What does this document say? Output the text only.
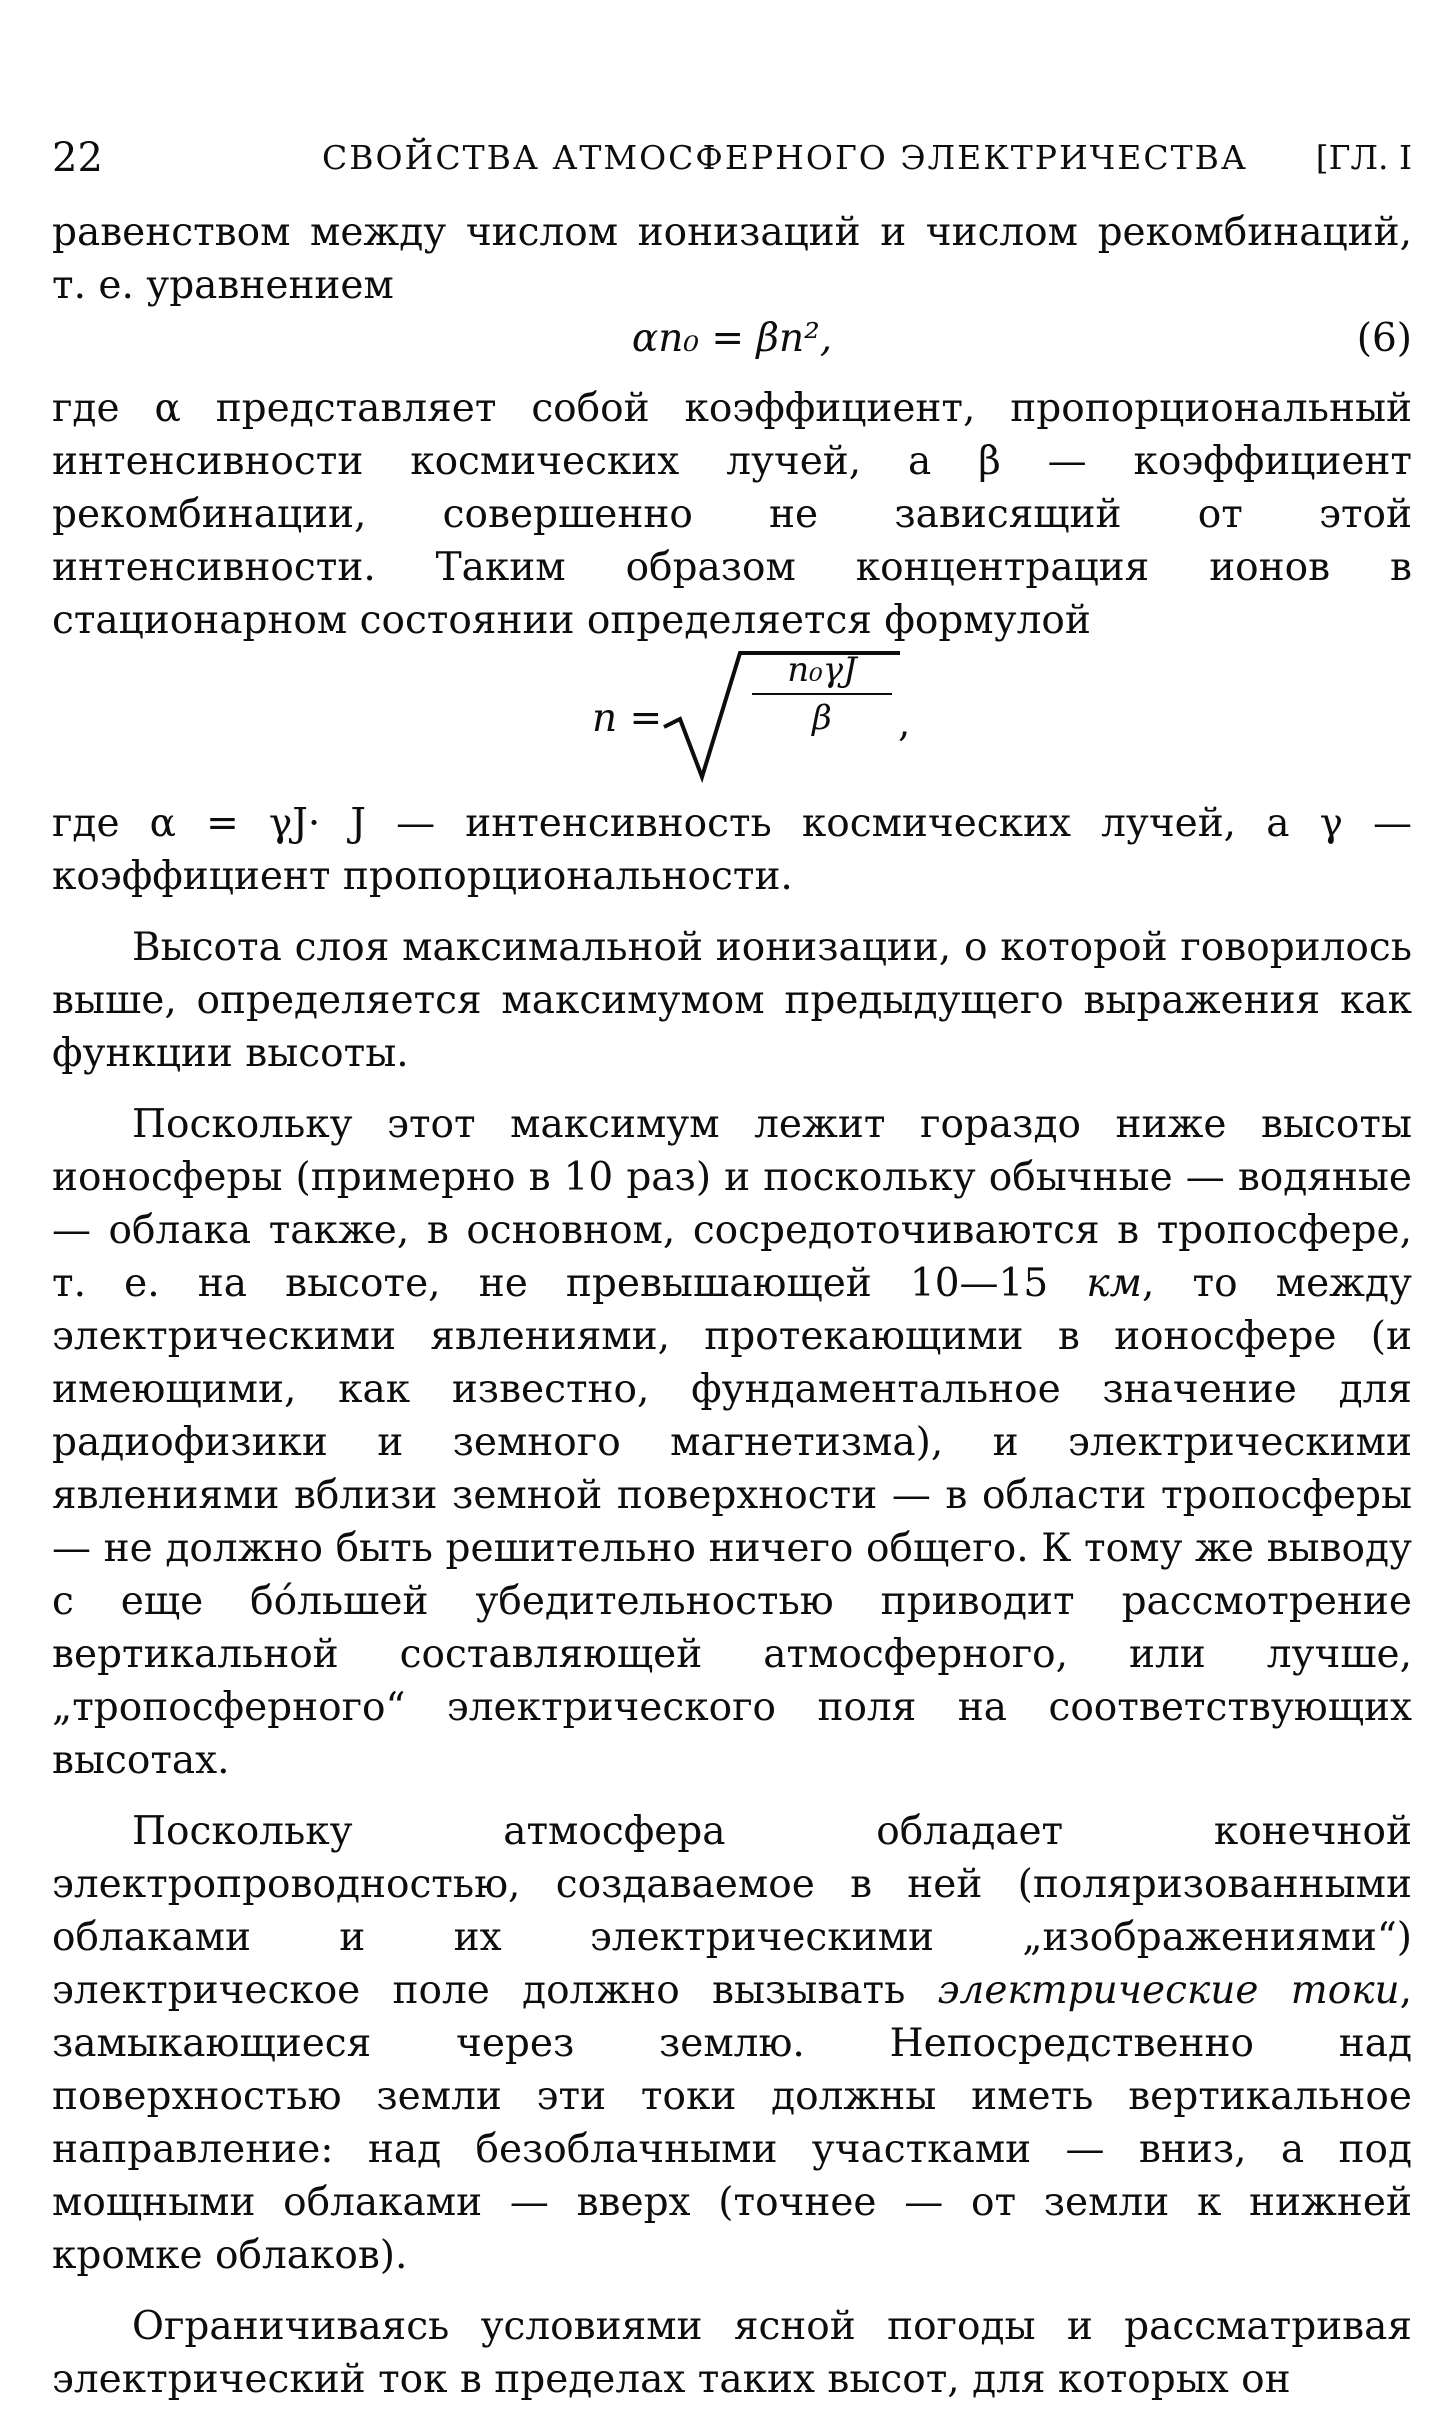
22	СВОЙСТВА АТМОСФЕРНОГО ЭЛЕКТРИЧЕСТВА [ГЛ. I

равенством между числом ионизаций и числом рекомбинаций, т. е. уравнением

αn₀ = βn²,	(6)

где α представляет собой коэффициент, пропорциональный интенсивности космических лучей, а β — коэффициент рекомбинации, совершенно не зависящий от этой интенсивности. Таким образом концентрация ионов в стационарном состоянии определяется формулой

n =	$\frac{\text{n₀γJ}}{\beta}$ ,

где α = γJ· J — интенсивность космических лучей, а γ — коэффициент пропорциональности.

Высота слоя максимальной ионизации, о которой говорилось выше, определяется максимумом предыдущего выражения как функции высоты.

Поскольку этот максимум лежит гораздо ниже высоты ионосферы (примерно в 10 раз) и поскольку обычные — водяные — облака также, в основном, сосредоточиваются в тропосфере, т. е. на высоте, не превышающей 10—15 км, то между электрическими явлениями, протекающими в ионосфере (и имеющими, как известно, фундаментальное значение для радиофизики и земного магнетизма), и электрическими явлениями вблизи земной поверхности — в области тропосферы — не должно быть решительно ничего общего. К тому же выводу с еще бóльшей убедительностью приводит рассмотрение вертикальной составляющей атмосферного, или лучше, „тропосферного“ электрического поля на соответствующих высотах.

Поскольку атмосфера обладает конечной электропроводностью, создаваемое в ней (поляризованными облаками и их электрическими „изображениями“) электрическое поле должно вызывать электрические токи, замыкающиеся через землю. Непосредственно над поверхностью земли эти токи должны иметь вертикальное направление: над безоблачными участками — вниз, а под мощными облаками — вверх (точнее — от земли к нижней кромке облаков).

Ограничиваясь условиями ясной погоды и рассматривая электрический ток в пределах таких высот, для которых он
